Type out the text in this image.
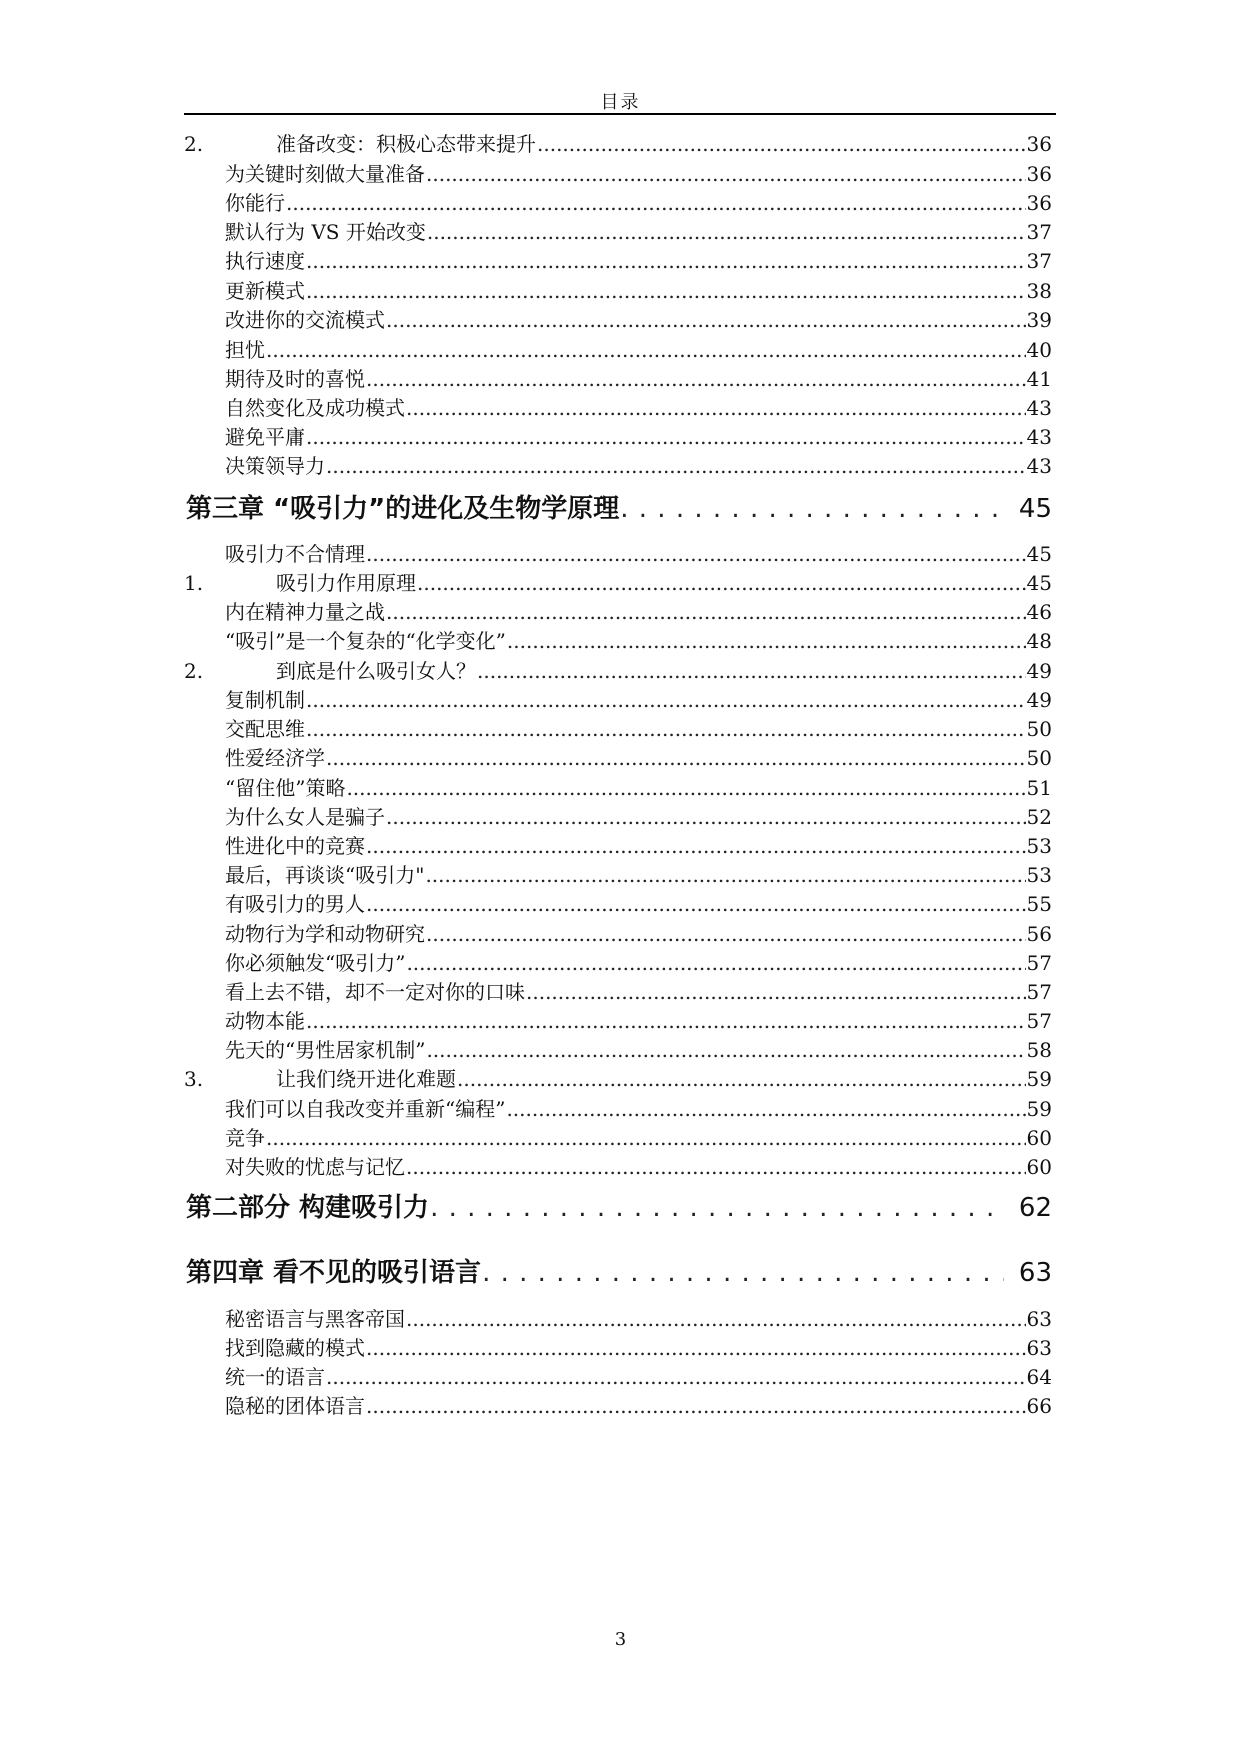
目录
2.	准备改变：积极心态带来提升 .....	36
为关键时刻做大量准备 .....	36
你能行 .....	36
默认行为 VS 开始改变 .....	37
执行速度 .....	37
更新模式 .....	38
改进你的交流模式 .....	39
担忧 .....	40
期待及时的喜悦 .....	41
自然变化及成功模式 .....	43
避免平庸 .....	43
决策领导力 .....	43
第三章 “吸引力”的进化及生物学原理 . . .	45
吸引力不合情理 .....	45
1.	吸引力作用原理 .....	45
内在精神力量之战 .....	46
“吸引”是一个复杂的“化学变化” .....	48
2.	到底是什么吸引女人？ .....	49
复制机制 .....	49
交配思维 .....	50
性爱经济学 .....	50
“留住他”策略 .....	51
为什么女人是骗子 .....	52
性进化中的竞赛 .....	53
最后，再谈谈“吸引力" .....	53
有吸引力的男人 .....	55
动物行为学和动物研究 .....	56
你必须触发“吸引力” .....	57
看上去不错，却不一定对你的口味 .....	57
动物本能 .....	57
先天的“男性居家机制” .....	58
3.	让我们绕开进化难题 .....	59
我们可以自我改变并重新“编程” .....	59
竞争 .....	60
对失败的忧虑与记忆 .....	60
第二部分 构建吸引力 . . .	62
第四章 看不见的吸引语言 . . .	63
秘密语言与黑客帝国 .....	63
找到隐藏的模式 .....	63
统一的语言 .....	64
隐秘的团体语言 .....	66
3
